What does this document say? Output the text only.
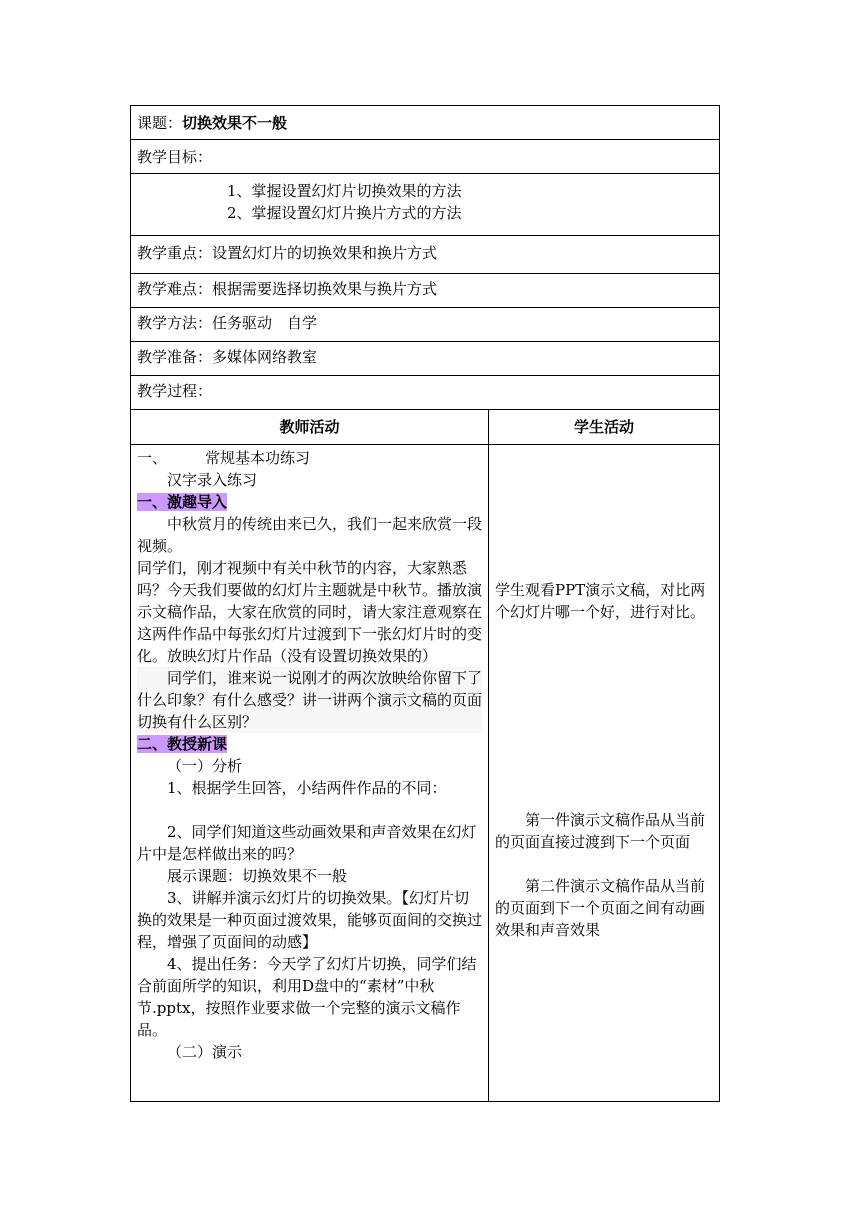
课题：切换效果不一般
教学目标：
1、掌握设置幻灯片切换效果的方法
2、掌握设置幻灯片换片方式的方法
教学重点：设置幻灯片的切换效果和换片方式
教学难点：根据需要选择切换效果与换片方式
教学方法：任务驱动　自学
教学准备：多媒体网络教室
教学过程：
教师活动	学生活动
一、	常规基本功练习
汉字录入练习
一、激趣导入
中秋赏月的传统由来已久，我们一起来欣赏一段视频。
同学们，刚才视频中有关中秋节的内容，大家熟悉吗？今天我们要做的幻灯片主题就是中秋节。播放演示文稿作品，大家在欣赏的同时，请大家注意观察在这两件作品中每张幻灯片过渡到下一张幻灯片时的变化。放映幻灯片作品（没有设置切换效果的）
同学们，谁来说一说刚才的两次放映给你留下了什么印象？有什么感受？讲一讲两个演示文稿的页面切换有什么区别？
二、教授新课
（一）分析
1、根据学生回答，小结两件作品的不同：
2、同学们知道这些动画效果和声音效果在幻灯片中是怎样做出来的吗？
展示课题：切换效果不一般
3、讲解并演示幻灯片的切换效果。【幻灯片切换的效果是一种页面过渡效果，能够页面间的交换过程，增强了页面间的动感】
4、提出任务：今天学了幻灯片切换，同学们结合前面所学的知识，利用D盘中的“素材”中秋节.pptx，按照作业要求做一个完整的演示文稿作品。
（二）演示
学生观看PPT演示文稿，对比两个幻灯片哪一个好，进行对比。
第一件演示文稿作品从当前的页面直接过渡到下一个页面
第二件演示文稿作品从当前的页面到下一个页面之间有动画效果和声音效果
